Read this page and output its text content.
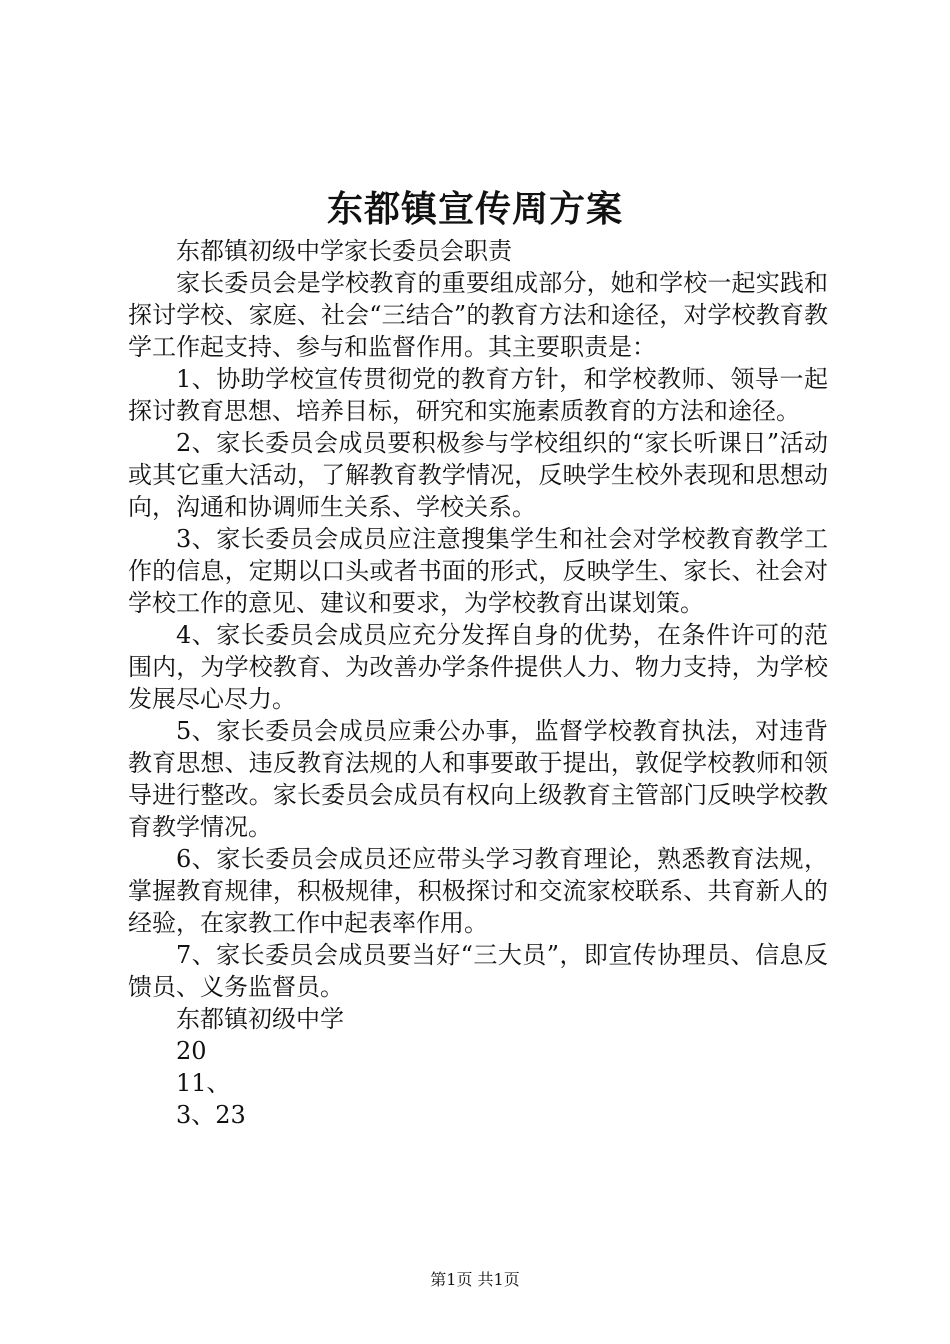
东都镇宣传周方案

东都镇初级中学家长委员会职责

家长委员会是学校教育的重要组成部分，她和学校一起实践和探讨学校、家庭、社会“三结合”的教育方法和途径，对学校教育教学工作起支持、参与和监督作用。其主要职责是：

1、协助学校宣传贯彻党的教育方针，和学校教师、领导一起探讨教育思想、培养目标，研究和实施素质教育的方法和途径。

2、家长委员会成员要积极参与学校组织的“家长听课日”活动或其它重大活动，了解教育教学情况，反映学生校外表现和思想动向，沟通和协调师生关系、学校关系。

3、家长委员会成员应注意搜集学生和社会对学校教育教学工作的信息，定期以口头或者书面的形式，反映学生、家长、社会对学校工作的意见、建议和要求，为学校教育出谋划策。

4、家长委员会成员应充分发挥自身的优势，在条件许可的范围内，为学校教育、为改善办学条件提供人力、物力支持，为学校发展尽心尽力。

5、家长委员会成员应秉公办事，监督学校教育执法，对违背教育思想、违反教育法规的人和事要敢于提出，敦促学校教师和领导进行整改。家长委员会成员有权向上级教育主管部门反映学校教育教学情况。

6、家长委员会成员还应带头学习教育理论，熟悉教育法规，掌握教育规律，积极规律，积极探讨和交流家校联系、共育新人的经验，在家教工作中起表率作用。

7、家长委员会成员要当好“三大员”，即宣传协理员、信息反馈员、义务监督员。

东都镇初级中学

20

11、

3、23

第1页 共1页
